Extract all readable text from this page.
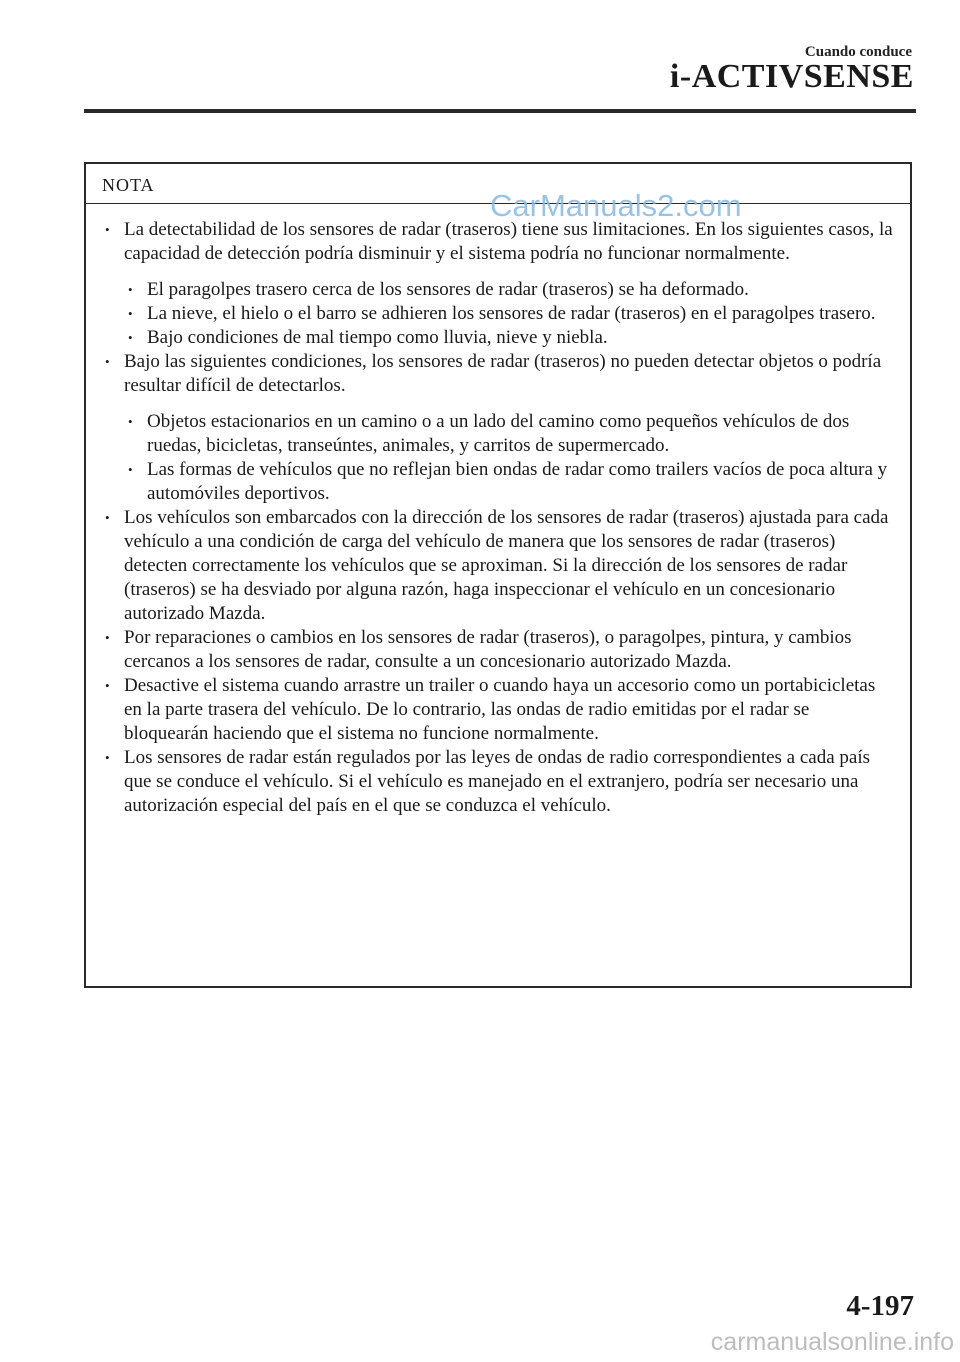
Cuando conduce
i-ACTIVSENSE
NOTA
• La detectabilidad de los sensores de radar (traseros) tiene sus limitaciones. En los siguientes casos, la capacidad de detección podría disminuir y el sistema podría no funcionar normalmente.
• El paragolpes trasero cerca de los sensores de radar (traseros) se ha deformado.
• La nieve, el hielo o el barro se adhieren los sensores de radar (traseros) en el paragolpes trasero.
• Bajo condiciones de mal tiempo como lluvia, nieve y niebla.
• Bajo las siguientes condiciones, los sensores de radar (traseros) no pueden detectar objetos o podría resultar difícil de detectarlos.
• Objetos estacionarios en un camino o a un lado del camino como pequeños vehículos de dos ruedas, bicicletas, transeúntes, animales, y carritos de supermercado.
• Las formas de vehículos que no reflejan bien ondas de radar como trailers vacíos de poca altura y automóviles deportivos.
• Los vehículos son embarcados con la dirección de los sensores de radar (traseros) ajustada para cada vehículo a una condición de carga del vehículo de manera que los sensores de radar (traseros) detecten correctamente los vehículos que se aproximan. Si la dirección de los sensores de radar (traseros) se ha desviado por alguna razón, haga inspeccionar el vehículo en un concesionario autorizado Mazda.
• Por reparaciones o cambios en los sensores de radar (traseros), o paragolpes, pintura, y cambios cercanos a los sensores de radar, consulte a un concesionario autorizado Mazda.
• Desactive el sistema cuando arrastre un trailer o cuando haya un accesorio como un portabicicletas en la parte trasera del vehículo. De lo contrario, las ondas de radio emitidas por el radar se bloquearán haciendo que el sistema no funcione normalmente.
• Los sensores de radar están regulados por las leyes de ondas de radio correspondientes a cada país que se conduce el vehículo. Si el vehículo es manejado en el extranjero, podría ser necesario una autorización especial del país en el que se conduzca el vehículo.
CarManuals2.com
4-197
carmanualsonline.info
